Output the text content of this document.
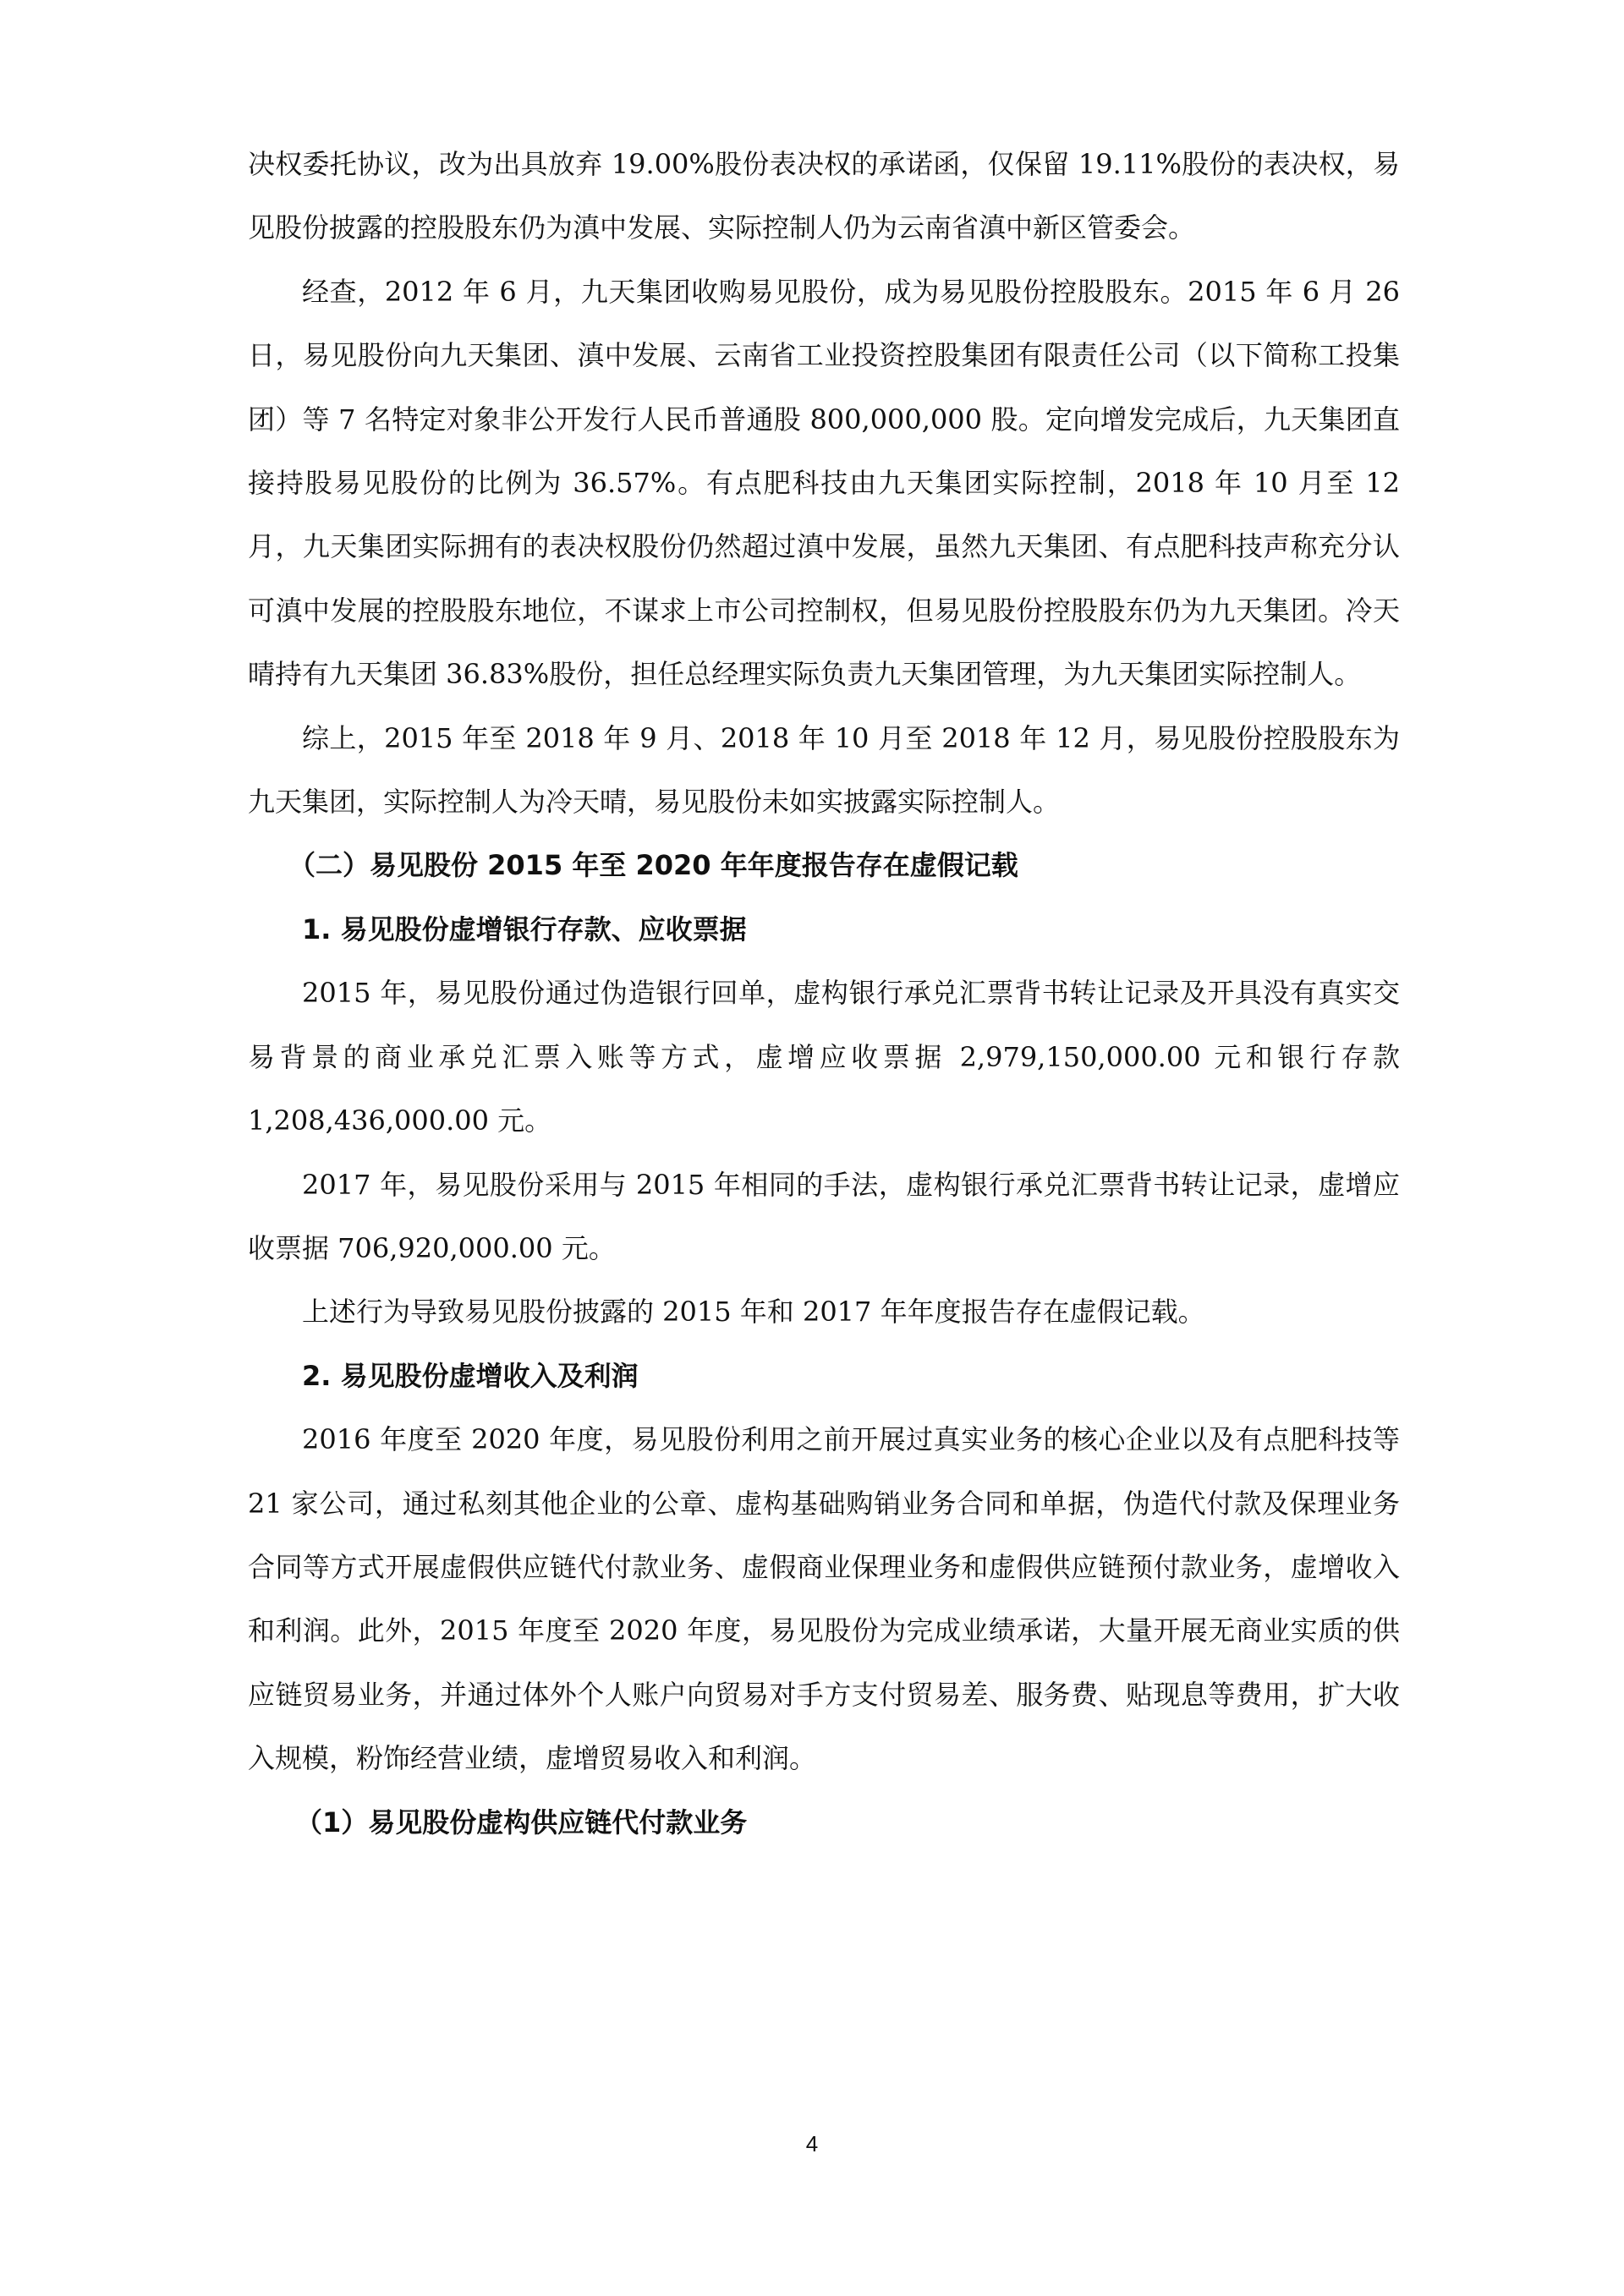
决权委托协议，改为出具放弃 19.00%股份表决权的承诺函，仅保留 19.11%股份的表决权，易见股份披露的控股股东仍为滇中发展、实际控制人仍为云南省滇中新区管委会。

经查，2012 年 6 月，九天集团收购易见股份，成为易见股份控股股东。2015 年 6 月 26 日，易见股份向九天集团、滇中发展、云南省工业投资控股集团有限责任公司（以下简称工投集团）等 7 名特定对象非公开发行人民币普通股 800,000,000 股。定向增发完成后，九天集团直接持股易见股份的比例为 36.57%。有点肥科技由九天集团实际控制，2018 年 10 月至 12 月，九天集团实际拥有的表决权股份仍然超过滇中发展，虽然九天集团、有点肥科技声称充分认可滇中发展的控股股东地位，不谋求上市公司控制权，但易见股份控股股东仍为九天集团。冷天晴持有九天集团 36.83%股份，担任总经理实际负责九天集团管理，为九天集团实际控制人。

综上，2015 年至 2018 年 9 月、2018 年 10 月至 2018 年 12 月，易见股份控股股东为九天集团，实际控制人为冷天晴，易见股份未如实披露实际控制人。

（二）易见股份 2015 年至 2020 年年度报告存在虚假记载

1. 易见股份虚增银行存款、应收票据

2015 年，易见股份通过伪造银行回单，虚构银行承兑汇票背书转让记录及开具没有真实交易背景的商业承兑汇票入账等方式，虚增应收票据 2,979,150,000.00 元和银行存款 1,208,436,000.00 元。

2017 年，易见股份采用与 2015 年相同的手法，虚构银行承兑汇票背书转让记录，虚增应收票据 706,920,000.00 元。

上述行为导致易见股份披露的 2015 年和 2017 年年度报告存在虚假记载。

2. 易见股份虚增收入及利润

2016 年度至 2020 年度，易见股份利用之前开展过真实业务的核心企业以及有点肥科技等 21 家公司，通过私刻其他企业的公章、虚构基础购销业务合同和单据，伪造代付款及保理业务合同等方式开展虚假供应链代付款业务、虚假商业保理业务和虚假供应链预付款业务，虚增收入和利润。此外，2015 年度至 2020 年度，易见股份为完成业绩承诺，大量开展无商业实质的供应链贸易业务，并通过体外个人账户向贸易对手方支付贸易差、服务费、贴现息等费用，扩大收入规模，粉饰经营业绩，虚增贸易收入和利润。

（1）易见股份虚构供应链代付款业务

4
